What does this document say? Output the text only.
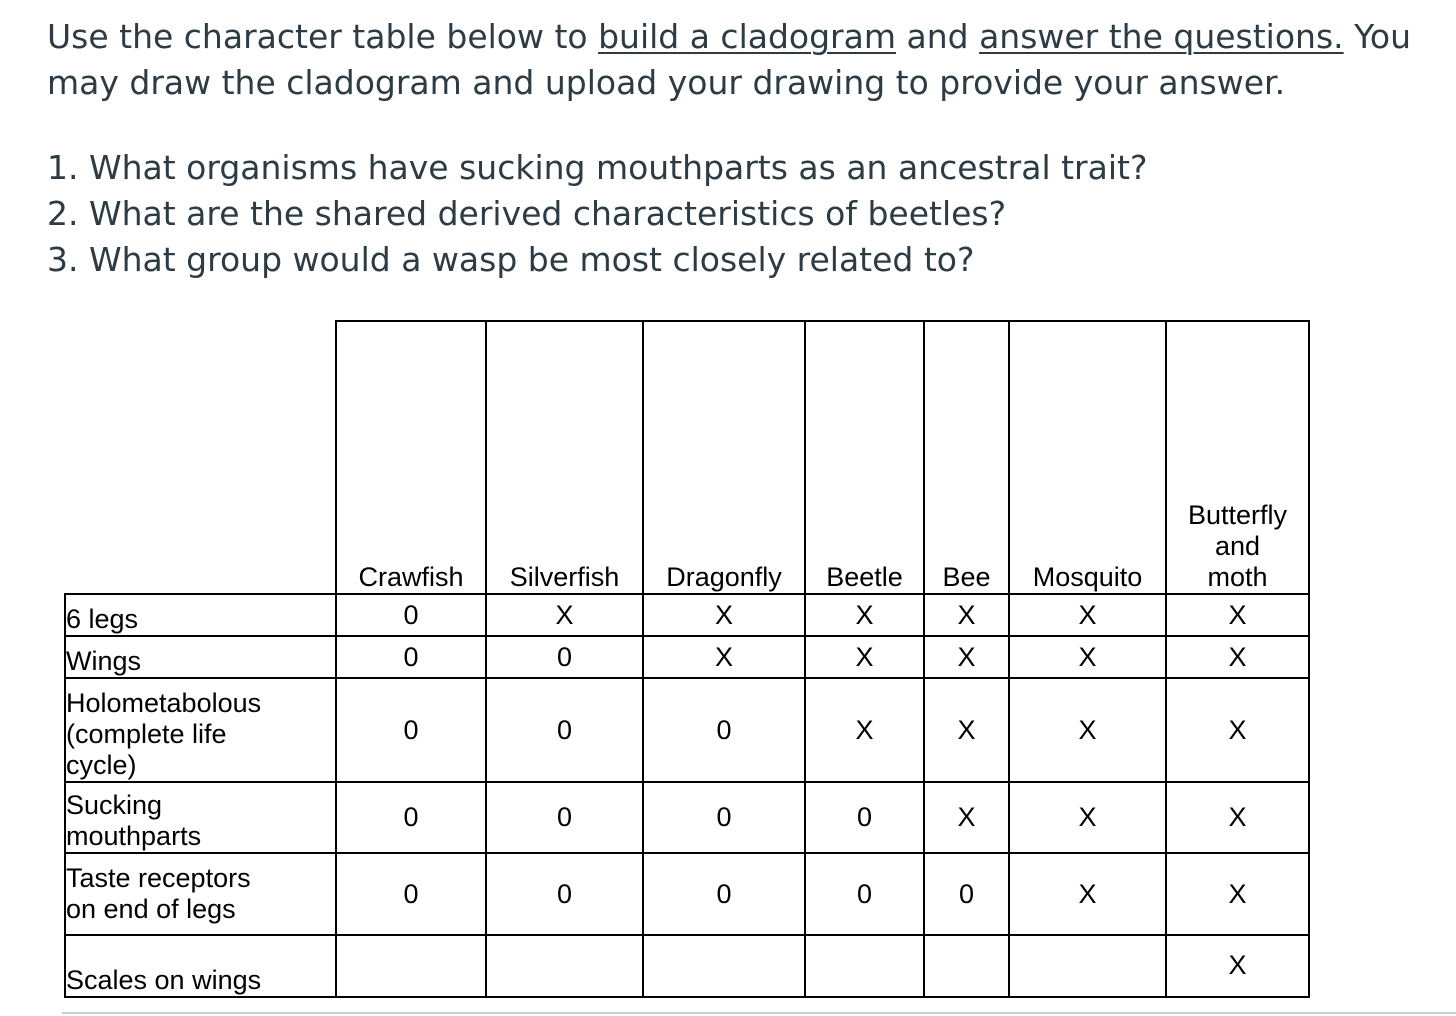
Use the character table below to build a cladogram and answer the questions. You may draw the cladogram and upload your drawing to provide your answer.

1. What organisms have sucking mouthparts as an ancestral trait?
2. What are the shared derived characteristics of beetles?
3. What group would a wasp be most closely related to?
	Crawfish	Silverfish	Dragonfly	Beetle	Bee	Mosquito	Butterfly
and
moth
6 legs	0	X	X	X	X	X	X
Wings	0	0	X	X	X	X	X
Holometabolous
(complete life
cycle)	0	0	0	X	X	X	X
Sucking
mouthparts	0	0	0	0	X	X	X
Taste receptors
on end of legs	0	0	0	0	0	X	X
Scales on wings							X
